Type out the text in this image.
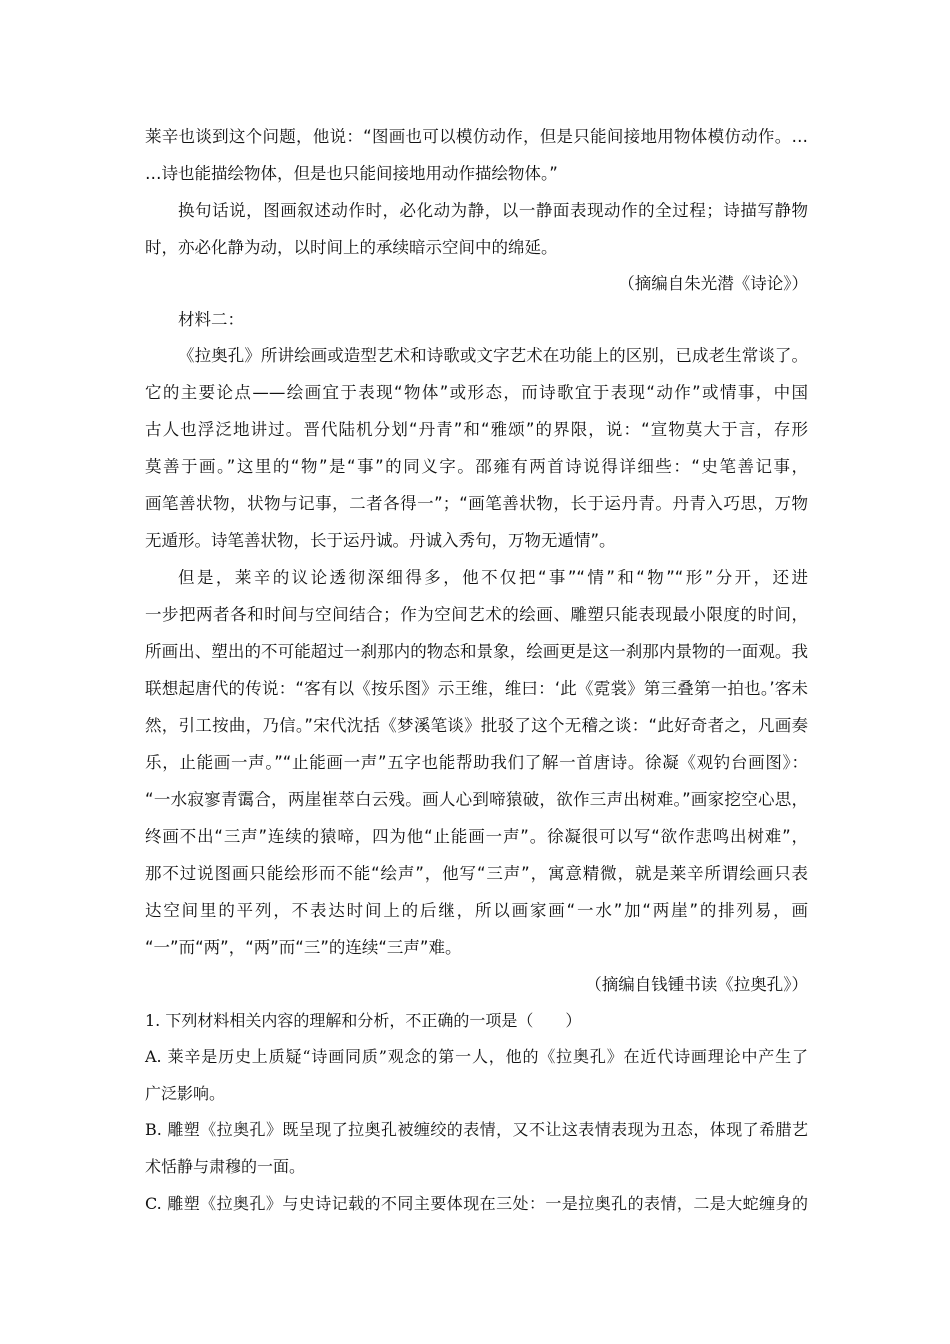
莱辛也谈到这个问题，他说：“图画也可以模仿动作，但是只能间接地用物体模仿动作。…
…诗也能描绘物体，但是也只能间接地用动作描绘物体。”
换句话说，图画叙述动作时，必化动为静，以一静面表现动作的全过程；诗描写静物
时，亦必化静为动，以时间上的承续暗示空间中的绵延。
（摘编自朱光潜《诗论》）
材料二：
《拉奥孔》所讲绘画或造型艺术和诗歌或文字艺术在功能上的区别，已成老生常谈了。
它的主要论点——绘画宜于表现“物体”或形态，而诗歌宜于表现“动作”或情事，中国
古人也浮泛地讲过。晋代陆机分划“丹青”和“雅颂”的界限，说：“宣物莫大于言，存形
莫善于画。”这里的“物”是“事”的同义字。邵雍有两首诗说得详细些：“史笔善记事，
画笔善状物，状物与记事，二者各得一”；“画笔善状物，长于运丹青。丹青入巧思，万物
无遁形。诗笔善状物，长于运丹诚。丹诚入秀句，万物无遁情”。
但是，莱辛的议论透彻深细得多，他不仅把“事”“情”和“物”“形”分开，还进
一步把两者各和时间与空间结合；作为空间艺术的绘画、雕塑只能表现最小限度的时间，
所画出、塑出的不可能超过一刹那内的物态和景象，绘画更是这一刹那内景物的一面观。我
联想起唐代的传说：“客有以《按乐图》示王维，维曰：‘此《霓裳》第三叠第一拍也。’客未
然，引工按曲，乃信。”宋代沈括《梦溪笔谈》批驳了这个无稽之谈：“此好奇者之，凡画奏
乐，止能画一声。”“止能画一声”五字也能帮助我们了解一首唐诗。徐凝《观钓台画图》：
“一水寂寥青霭合，两崖崔萃白云残。画人心到啼猿破，欲作三声出树难。”画家挖空心思，
终画不出“三声”连续的猿啼，四为他“止能画一声”。徐凝很可以写“欲作悲鸣出树难”，
那不过说图画只能绘形而不能“绘声”，他写“三声”，寓意精微，就是莱辛所谓绘画只表
达空间里的平列，不表达时间上的后继，所以画家画“一水”加“两崖”的排列易，画
“一”而“两”，“两”而“三”的连续“三声”难。
（摘编自钱锺书读《拉奥孔》）
1. 下列材料相关内容的理解和分析，不正确的一项是（　　）
A. 莱辛是历史上质疑“诗画同质”观念的第一人，他的《拉奥孔》在近代诗画理论中产生了
广泛影响。
B. 雕塑《拉奥孔》既呈现了拉奥孔被缠绞的表情，又不让这表情表现为丑态，体现了希腊艺
术恬静与肃穆的一面。
C. 雕塑《拉奥孔》与史诗记载的不同主要体现在三处：一是拉奥孔的表情，二是大蛇缠身的
